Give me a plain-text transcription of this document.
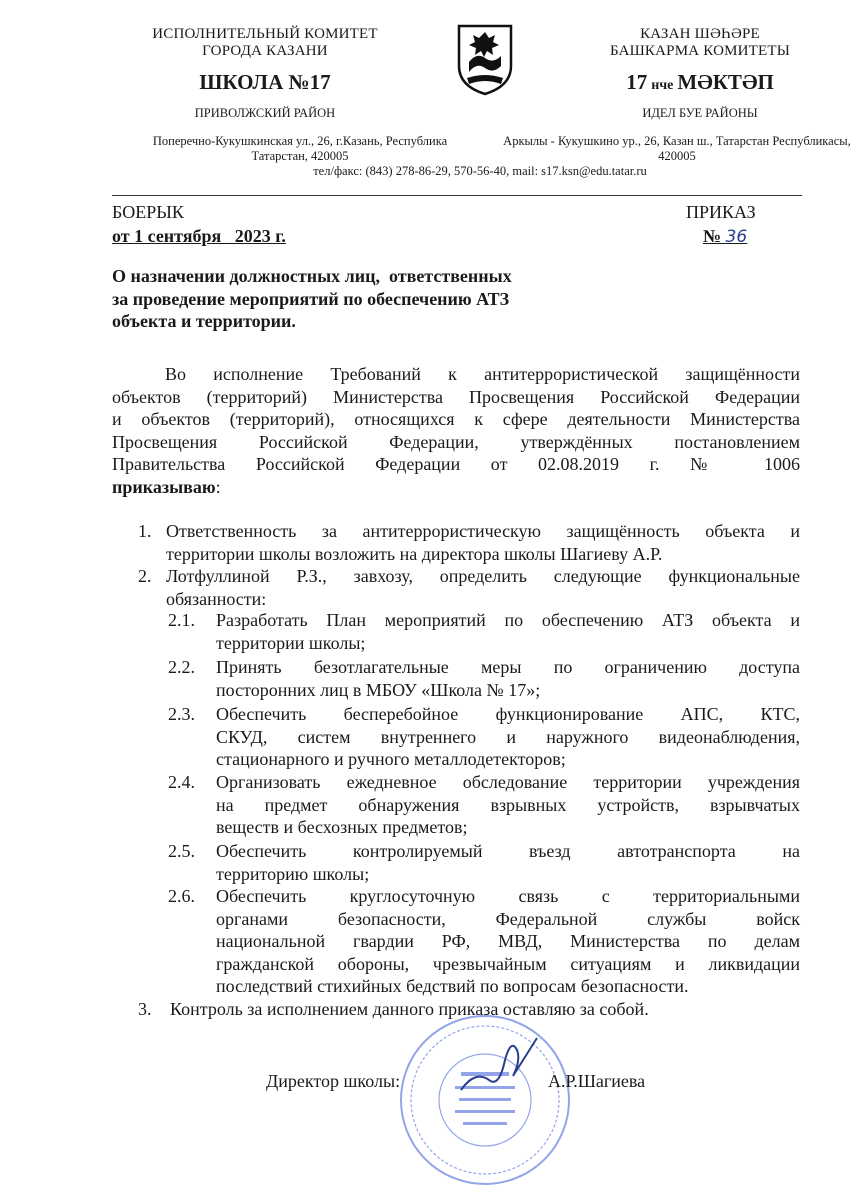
ИСПОЛНИТЕЛЬНЫЙ КОМИТЕТ
ГОРОДА КАЗАНИ
ШКОЛА №17
ПРИВОЛЖСКИЙ РАЙОН
КАЗАН ШӘҺӘРЕ
БАШКАРМА КОМИТЕТЫ
17 нче МӘКТӘП
ИДЕЛ БУЕ РАЙОНЫ
Поперечно-Кукушкинская ул., 26, г.Казань, Республика
Татарстан, 420005
Аркылы - Кукушкино ур., 26, Казан ш., Татарстан Республикасы,
420005
тел/факс: (843) 278-86-29, 570-56-40, mail: s17.ksn@edu.tatar.ru
БОЕРЫК
от 1 сентября   2023 г.
ПРИКАЗ
№ 36
О назначении должностных лиц,  ответственных
за проведение мероприятий по обеспечению АТЗ
объекта и территории.
Во исполнение Требований к антитеррористической защищённости
объектов (территорий) Министерства Просвещения Российской Федерации
и объектов (территорий), относящихся к сфере деятельности Министерства
Просвещения Российской Федерации, утверждённых постановлением
Правительства Российской Федерации от 02.08.2019 г. № 1006
приказываю:
1. Ответственность за антитеррористическую защищённость объекта и
территории школы возложить на директора школы Шагиеву А.Р.
2. Лотфуллиной Р.З., завхозу, определить следующие функциональные
обязанности:
2.1. Разработать План мероприятий по обеспечению АТЗ объекта и
территории школы;
2.2. Принять безотлагательные меры по ограничению доступа
посторонних лиц в МБОУ «Школа № 17»;
2.3. Обеспечить бесперебойное функционирование АПС, КТС,
СКУД, систем внутреннего и наружного видеонаблюдения,
стационарного и ручного металлодетекторов;
2.4. Организовать ежедневное обследование территории учреждения
на предмет обнаружения взрывных устройств, взрывчатых
веществ и бесхозных предметов;
2.5. Обеспечить контролируемый въезд автотранспорта на
территорию школы;
2.6. Обеспечить круглосуточную связь с территориальными
органами безопасности, Федеральной службы войск
национальной гвардии РФ, МВД, Министерства по делам
гражданской обороны, чрезвычайным ситуациям и ликвидации
последствий стихийных бедствий по вопросам безопасности.
3. Контроль за исполнением данного приказа оставляю за собой.
Директор школы:	А.Р.Шагиева
